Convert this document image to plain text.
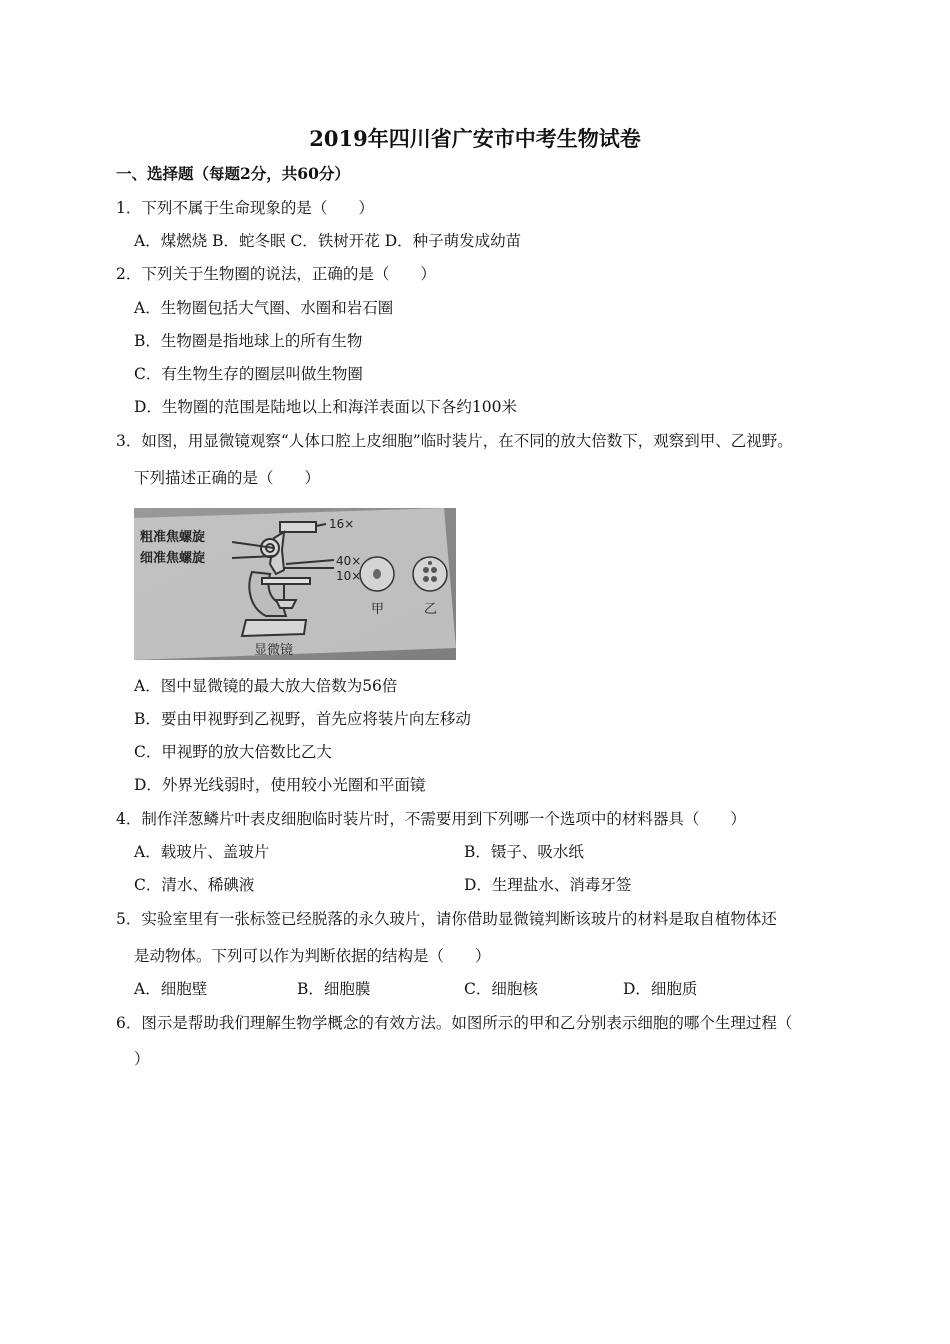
2019年四川省广安市中考生物试卷
一、选择题（每题2分，共60分）
1．下列不属于生命现象的是（　　）
A．煤燃烧 B．蛇冬眠 C．铁树开花 D．种子萌发成幼苗
2．下列关于生物圈的说法，正确的是（　　）
A．生物圈包括大气圈、水圈和岩石圈
B．生物圈是指地球上的所有生物
C．有生物生存的圈层叫做生物圈
D．生物圈的范围是陆地以上和海洋表面以下各约100米
3．如图，用显微镜观察“人体口腔上皮细胞”临时装片，在不同的放大倍数下，观察到甲、乙视野。
下列描述正确的是（　　）
粗准焦螺旋
细准焦螺旋
16×
40×
10×
甲	乙
显微镜
A．图中显微镜的最大放大倍数为56倍
B．要由甲视野到乙视野，首先应将装片向左移动
C．甲视野的放大倍数比乙大
D．外界光线弱时，使用较小光圈和平面镜
4．制作洋葱鳞片叶表皮细胞临时装片时，不需要用到下列哪一个选项中的材料器具（　　）
A．载玻片、盖玻片	B．镊子、吸水纸
C．清水、稀碘液	D．生理盐水、消毒牙签
5．实验室里有一张标签已经脱落的永久玻片，请你借助显微镜判断该玻片的材料是取自植物体还
是动物体。下列可以作为判断依据的结构是（　　）
A．细胞壁	B．细胞膜	C．细胞核	D．细胞质
6．图示是帮助我们理解生物学概念的有效方法。如图所示的甲和乙分别表示细胞的哪个生理过程（
）
